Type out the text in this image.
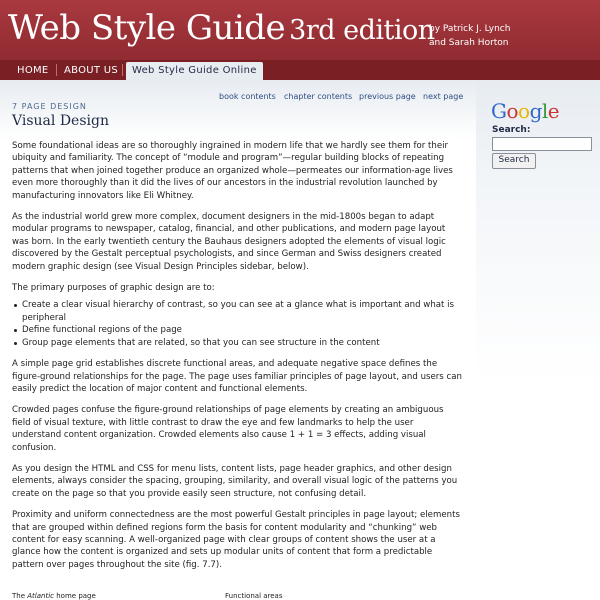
Web Style Guide 3rd edition
by Patrick J. Lynch
and Sarah Horton
HOME ABOUT US	Web Style Guide Online
book contents chapter contents previous page next page
7 PAGE DESIGN
Visual Design	Google
Search:
Search

Some foundational ideas are so thoroughly ingrained in modern life that we hardly see them for their ubiquity and familiarity. The concept of “module and program”—regular building blocks of repeating patterns that when joined together produce an organized whole—permeates our information-age lives even more thoroughly than it did the lives of our ancestors in the industrial revolution launched by manufacturing innovators like Eli Whitney.

As the industrial world grew more complex, document designers in the mid-1800s began to adapt modular programs to newspaper, catalog, financial, and other publications, and modern page layout was born. In the early twentieth century the Bauhaus designers adopted the elements of visual logic discovered by the Gestalt perceptual psychologists, and since German and Swiss designers created modern graphic design (see Visual Design Principles sidebar, below).

The primary purposes of graphic design are to:

Create a clear visual hierarchy of contrast, so you can see at a glance what is important and what is peripheral
Define functional regions of the page
Group page elements that are related, so that you can see structure in the content

A simple page grid establishes discrete functional areas, and adequate negative space defines the figure-ground relationships for the page. The page uses familiar principles of page layout, and users can easily predict the location of major content and functional elements.

Crowded pages confuse the figure-ground relationships of page elements by creating an ambiguous field of visual texture, with little contrast to draw the eye and few landmarks to help the user understand content organization. Crowded elements also cause 1 + 1 = 3 effects, adding visual confusion.

As you design the HTML and CSS for menu lists, content lists, page header graphics, and other design elements, always consider the spacing, grouping, similarity, and overall visual logic of the patterns you create on the page so that you provide easily seen structure, not confusing detail.

Proximity and uniform connectedness are the most powerful Gestalt principles in page layout; elements that are grouped within defined regions form the basis for content modularity and “chunking” web content for easy scanning. A well-organized page with clear groups of content shows the user at a glance how the content is organized and sets up modular units of content that form a predictable pattern over pages throughout the site (fig. 7.7).

The Atlantic home page	Functional areas
